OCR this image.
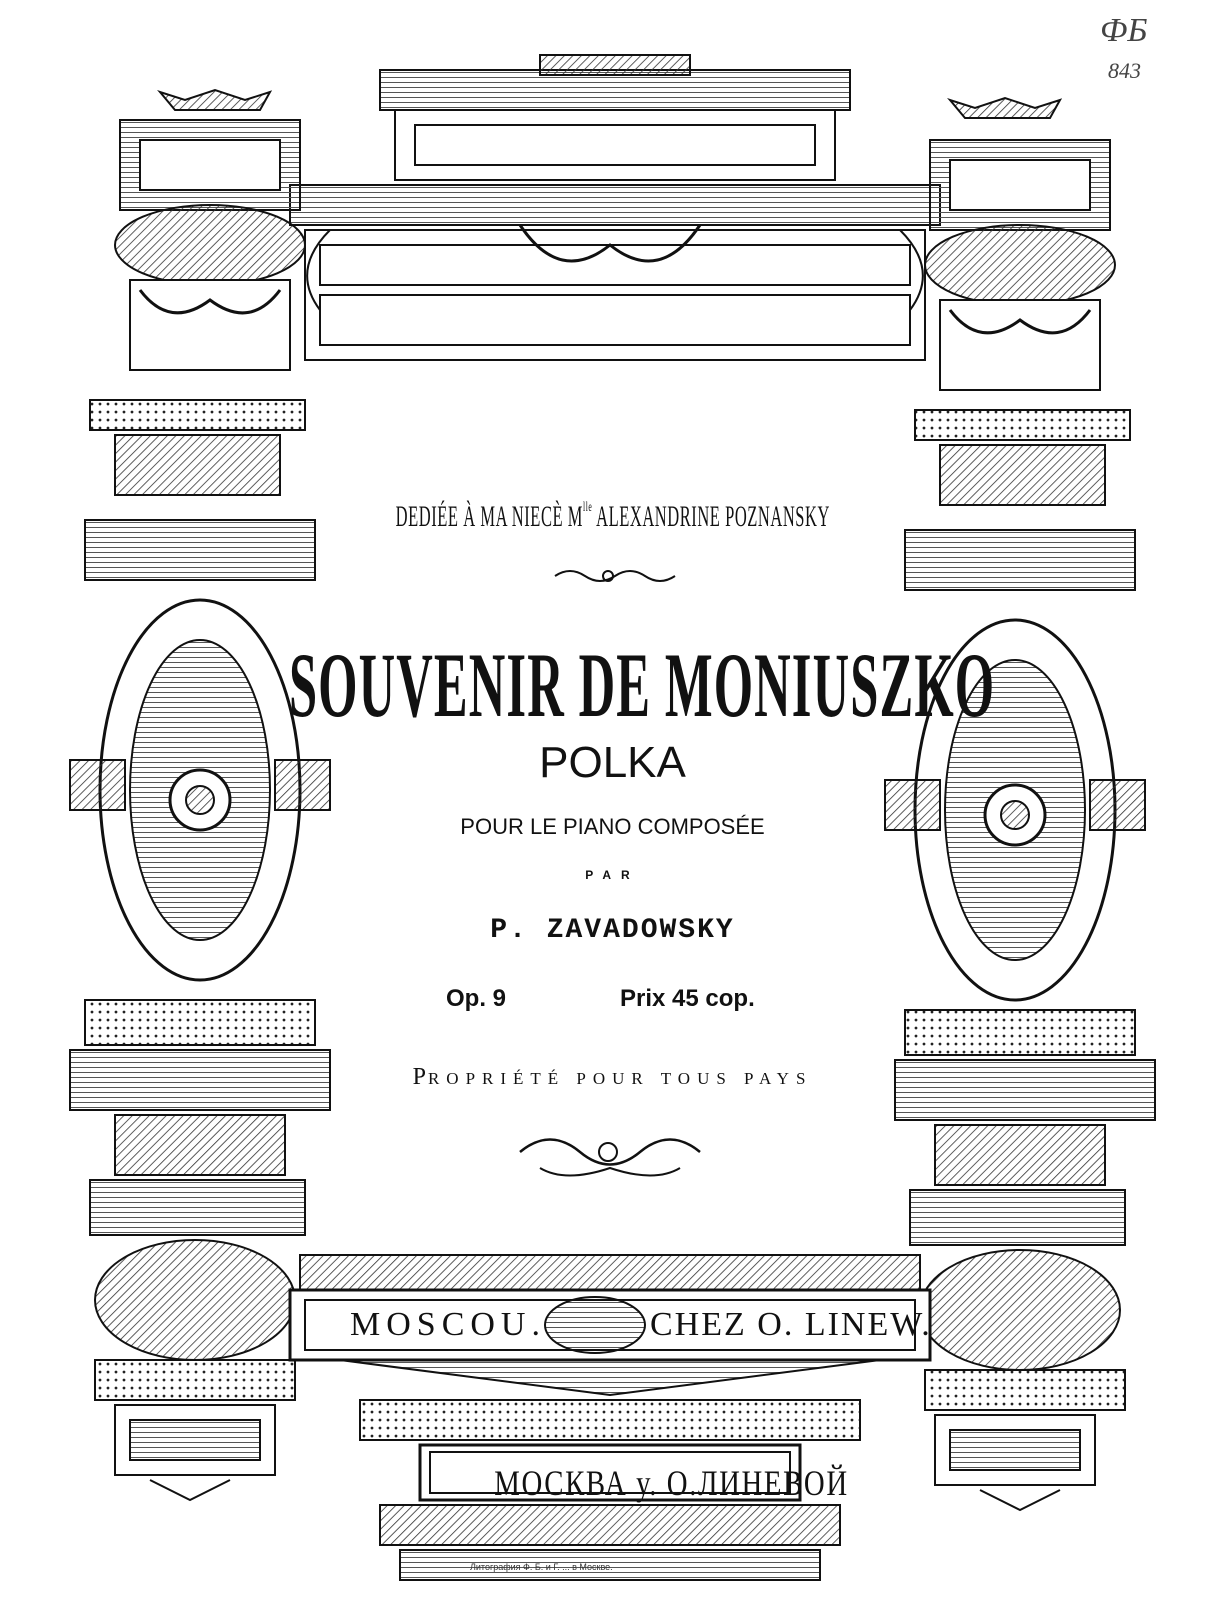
ФБ
843
DEDIÉE À MA NIECÈ $M^{lle}$ ALEXANDRINE POZNANSKY
SOUVENIR DE MONIUSZKO
POLKA
POUR LE PIANO COMPOSÉE
PAR
P. ZAVADOWSKY
Op. 9	Prix 45 cop.
PROPRIÉTÉ POUR TOUS PAYS
MOSCOU.	CHEZ O. LINEW.
МОСКВА у. О.ЛИНЕВОЙ
Литография Ф. Б. и Г. ... в Москве.
